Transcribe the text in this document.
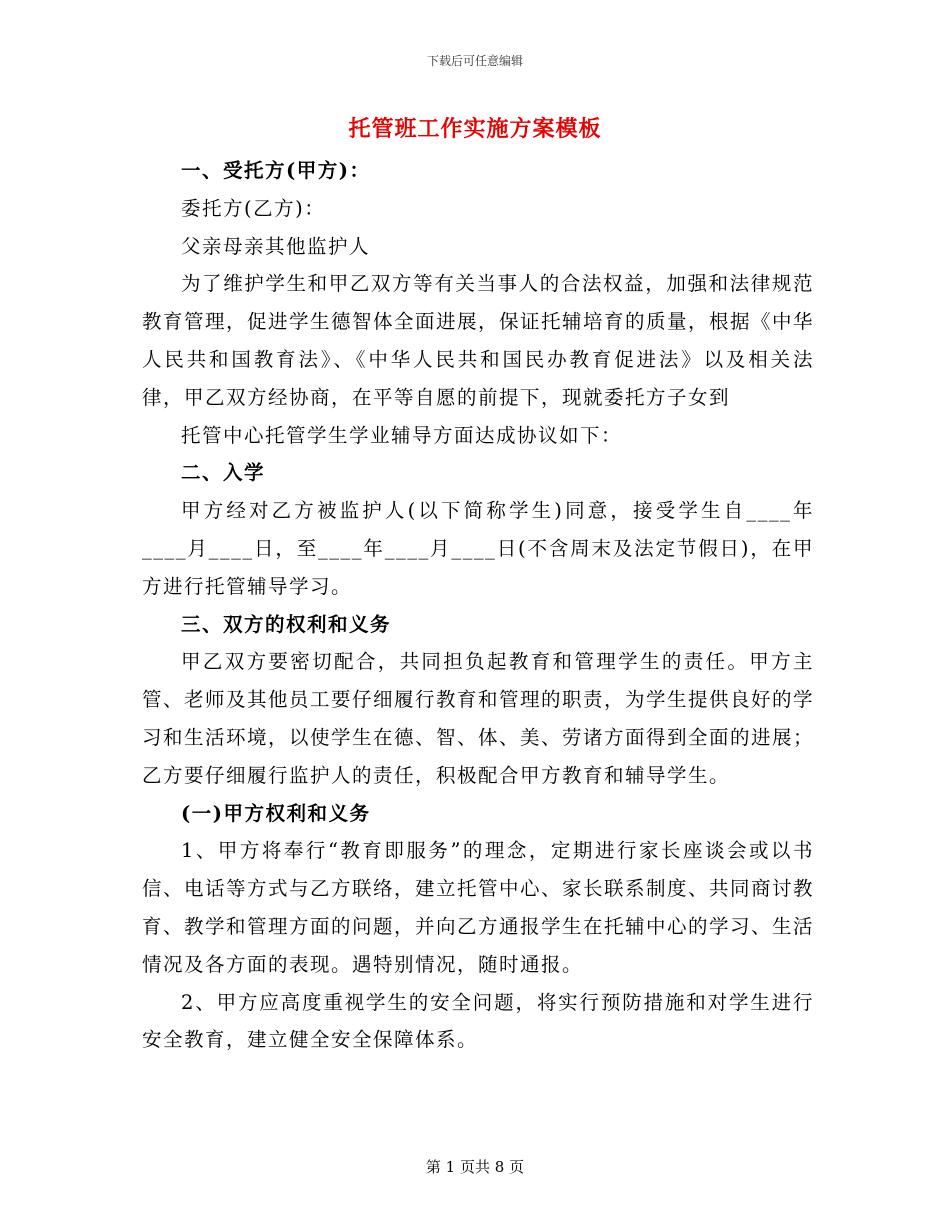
下载后可任意编辑
托管班工作实施方案模板

一、受托方(甲方)：

委托方(乙方)：

父亲母亲其他监护人

为了维护学生和甲乙双方等有关当事人的合法权益，加强和法律规范教育管理，促进学生德智体全面进展，保证托辅培育的质量，根据《中华人民共和国教育法》、《中华人民共和国民办教育促进法》以及相关法律，甲乙双方经协商，在平等自愿的前提下，现就委托方子女到

托管中心托管学生学业辅导方面达成协议如下：

二、入学

甲方经对乙方被监护人(以下简称学生)同意，接受学生自____年____月____日，至____年____月____日(不含周末及法定节假日)，在甲方进行托管辅导学习。

三、双方的权利和义务

甲乙双方要密切配合，共同担负起教育和管理学生的责任。甲方主管、老师及其他员工要仔细履行教育和管理的职责，为学生提供良好的学习和生活环境，以使学生在德、智、体、美、劳诸方面得到全面的进展；乙方要仔细履行监护人的责任，积极配合甲方教育和辅导学生。

(一)甲方权利和义务

1、甲方将奉行“教育即服务”的理念，定期进行家长座谈会或以书信、电话等方式与乙方联络，建立托管中心、家长联系制度、共同商讨教育、教学和管理方面的问题，并向乙方通报学生在托辅中心的学习、生活情况及各方面的表现。遇特别情况，随时通报。

2、甲方应高度重视学生的安全问题，将实行预防措施和对学生进行安全教育，建立健全安全保障体系。

第 1 页共 8 页
